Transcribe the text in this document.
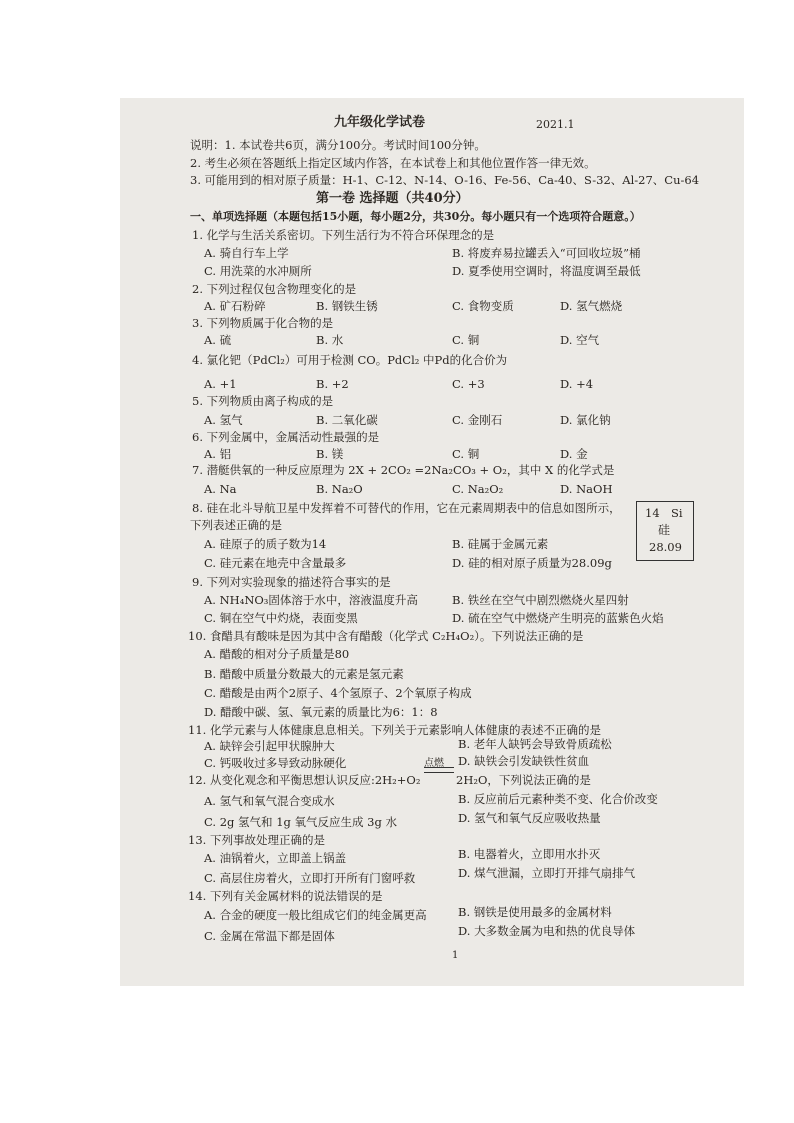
九年级化学试卷	2021.1
说明：1. 本试卷共6页，满分100分。考试时间100分钟。
2. 考生必须在答题纸上指定区域内作答，在本试卷上和其他位置作答一律无效。
3. 可能用到的相对原子质量：H-1、C-12、N-14、O-16、Fe-56、Ca-40、S-32、Al-27、Cu-64
第一卷 选择题（共40分）
一、单项选择题（本题包括15小题，每小题2分，共30分。每小题只有一个选项符合题意。）
1. 化学与生活关系密切。下列生活行为不符合环保理念的是
A. 骑自行车上学	B. 将废弃易拉罐丢入“可回收垃圾”桶
C. 用洗菜的水冲厕所	D. 夏季使用空调时，将温度调至最低
2. 下列过程仅包含物理变化的是
A. 矿石粉碎	B. 钢铁生锈	C. 食物变质	D. 氢气燃烧
3. 下列物质属于化合物的是
A. 硫	B. 水	C. 铜	D. 空气
4. 氯化钯（PdCl₂）可用于检测 CO。PdCl₂ 中Pd的化合价为
A. +1	B. +2	C. +3	D. +4
5. 下列物质由离子构成的是
A. 氢气	B. 二氧化碳	C. 金刚石	D. 氯化钠
6. 下列金属中，金属活动性最强的是
A. 铝	B. 镁	C. 铜	D. 金
7. 潜艇供氧的一种反应原理为 2X + 2CO₂ =2Na₂CO₃ + O₂，其中 X 的化学式是
A. Na	B. Na₂O	C. Na₂O₂	D. NaOH
8. 硅在北斗导航卫星中发挥着不可替代的作用，它在元素周期表中的信息如图所示，
下列表述正确的是
A. 硅原子的质子数为14	B. 硅属于金属元素
C. 硅元素在地壳中含量最多	D. 硅的相对原子质量为28.09g
14 Si
硅
28.09
9. 下列对实验现象的描述符合事实的是
A. NH₄NO₃固体溶于水中，溶液温度升高	B. 铁丝在空气中剧烈燃烧火星四射
C. 铜在空气中灼烧，表面变黑	D. 硫在空气中燃烧产生明亮的蓝紫色火焰
10. 食醋具有酸味是因为其中含有醋酸（化学式 C₂H₄O₂）。下列说法正确的是
A. 醋酸的相对分子质量是80
B. 醋酸中质量分数最大的元素是氢元素
C. 醋酸是由两个2原子、4个氢原子、2个氧原子构成
D. 醋酸中碳、氢、氧元素的质量比为6：1：8
11. 化学元素与人体健康息息相关。下列关于元素影响人体健康的表述不正确的是
A. 缺锌会引起甲状腺肿大	B. 老年人缺钙会导致骨质疏松
C. 钙吸收过多导致动脉硬化	D. 缺铁会引发缺铁性贫血
12. 从变化观念和平衡思想认识反应:2H₂+O₂
点燃
2H₂O，下列说法正确的是
A. 氢气和氧气混合变成水	B. 反应前后元素种类不变、化合价改变
C. 2g 氢气和 1g 氧气反应生成 3g 水	D. 氢气和氧气反应吸收热量
13. 下列事故处理正确的是
A. 油锅着火，立即盖上锅盖	B. 电器着火，立即用水扑灭
C. 高层住房着火，立即打开所有门窗呼救	D. 煤气泄漏，立即打开排气扇排气
14. 下列有关金属材料的说法错误的是
A. 合金的硬度一般比组成它们的纯金属更高	B. 钢铁是使用最多的金属材料
C. 金属在常温下都是固体	D. 大多数金属为电和热的优良导体
1
